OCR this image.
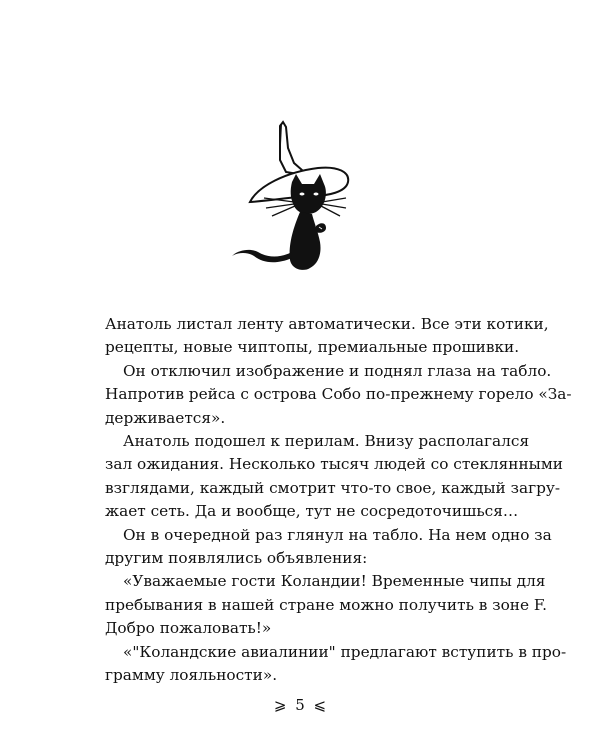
Анатоль листал ленту автоматически. Все эти котики,
рецепты, новые чиптопы, премиальные прошивки.
Он отключил изображение и поднял глаза на табло.
Напротив рейса с острова Собо по-прежнему горело «За-
держивается».
Анатоль подошел к перилам. Внизу располагался
зал ожидания. Несколько тысяч людей со стеклянными
взглядами, каждый смотрит что-то свое, каждый загру-
жает сеть. Да и вообще, тут не сосредоточишься…
Он в очередной раз глянул на табло. На нем одно за
другим появлялись объявления:
«Уважаемые гости Коландии! Временные чипы для
пребывания в нашей стране можно получить в зоне F.
Добро пожаловать!»
«"Коландские авиалинии" предлагают вступить в про-
грамму лояльности».
⩾ 5 ⩽
